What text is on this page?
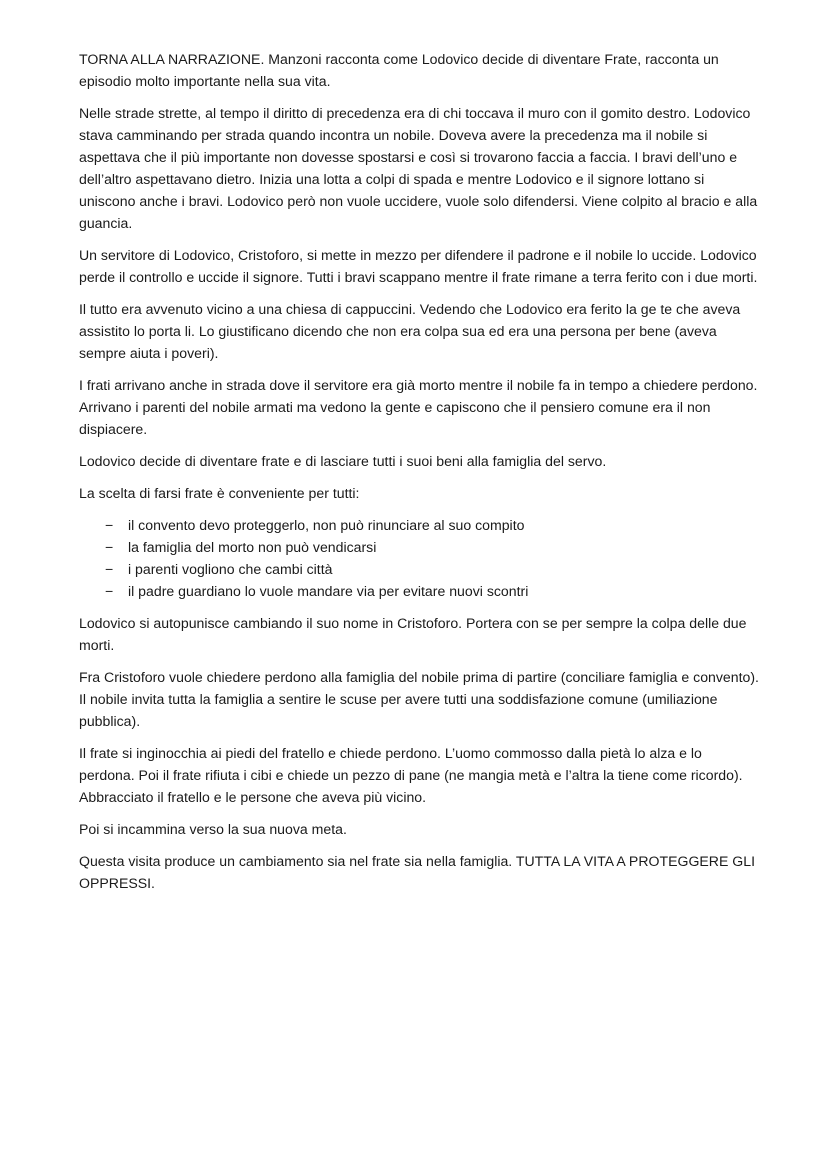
TORNA ALLA NARRAZIONE. Manzoni racconta come Lodovico decide di diventare Frate, racconta un episodio molto importante nella sua vita.

Nelle strade strette, al tempo il diritto di precedenza era di chi toccava il muro con il gomito destro. Lodovico stava camminando per strada quando incontra un nobile. Doveva avere la precedenza ma il nobile si aspettava che il più importante non dovesse spostarsi e così si trovarono faccia a faccia. I bravi dell’uno e dell’altro aspettavano dietro. Inizia una lotta a colpi di spada e mentre Lodovico e il signore lottano si uniscono anche i bravi. Lodovico però non vuole uccidere, vuole solo difendersi. Viene colpito al bracio e alla guancia.

Un servitore di Lodovico, Cristoforo, si mette in mezzo per difendere il padrone e il nobile lo uccide. Lodovico perde il controllo e uccide il signore. Tutti i bravi scappano mentre il frate rimane a terra ferito con i due morti.

Il tutto era avvenuto vicino a una chiesa di cappuccini. Vedendo che Lodovico era ferito la ge te che aveva assistito lo porta li. Lo giustificano dicendo che non era colpa sua ed era una persona per bene (aveva sempre aiuta i poveri).

I frati arrivano anche in strada dove il servitore era già morto mentre il nobile fa in tempo a chiedere perdono. Arrivano i parenti del nobile armati ma vedono la gente e capiscono che il pensiero comune era il non dispiacere.

Lodovico decide di diventare frate e di lasciare tutti i suoi beni alla famiglia del servo.

La scelta di farsi frate è conveniente per tutti:

− il convento devo proteggerlo, non può rinunciare al suo compito
− la famiglia del morto non può vendicarsi
− i parenti vogliono che cambi città
− il padre guardiano lo vuole mandare via per evitare nuovi scontri

Lodovico si autopunisce cambiando il suo nome in Cristoforo. Portera con se per sempre la colpa delle due morti.

Fra Cristoforo vuole chiedere perdono alla famiglia del nobile prima di partire (conciliare famiglia e convento). Il nobile invita tutta la famiglia a sentire le scuse per avere tutti una soddisfazione comune (umiliazione pubblica).

Il frate si inginocchia ai piedi del fratello e chiede perdono. L’uomo commosso dalla pietà lo alza e lo perdona. Poi il frate rifiuta i cibi e chiede un pezzo di pane (ne mangia metà e l’altra la tiene come ricordo). Abbracciato il fratello e le persone che aveva più vicino.

Poi si incammina verso la sua nuova meta.

Questa visita produce un cambiamento sia nel frate sia nella famiglia. TUTTA LA VITA A PROTEGGERE GLI OPPRESSI.
